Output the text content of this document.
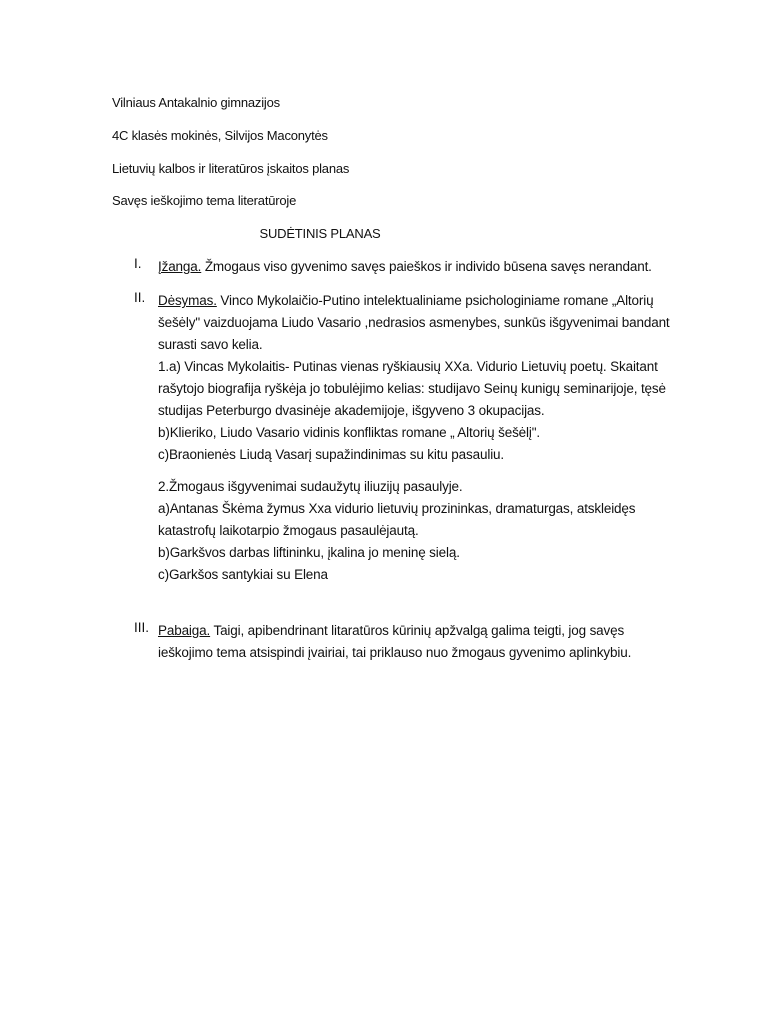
Vilniaus Antakalnio gimnazijos
4C klasės mokinės, Silvijos Maconytės
Lietuvių kalbos ir literatūros įskaitos planas
Savęs ieškojimo tema literatūroje
SUDĖTINIS PLANAS
I. Įžanga. Žmogaus viso gyvenimo savęs paieškos ir individo būsena savęs nerandant.
II. Dėsymas. Vinco Mykolaičio-Putino intelektualiniame psichologiniame romane „Altorių šešėly" vaizduojama Liudo Vasario ,nedrasios asmenybes, sunkūs išgyvenimai bandant surasti savo kelia.
1.a) Vincas Mykolaitis- Putinas vienas ryškiausių XXa. Vidurio Lietuvių poetų. Skaitant rašytojo biografija ryškėja jo tobulėjimo kelias: studijavo Seinų kunigų seminarijoje, tęsė studijas Peterburgo dvasinėje akademijoje, išgyveno 3 okupacijas.
b)Klieriko, Liudo Vasario vidinis konfliktas romane „ Altorių šešėlį".
c)Braonienės Liudą Vasarį supažindinimas su kitu pasauliu.
2.Žmogaus išgyvenimai sudaužytų iliuzijų pasaulyje.
a)Antanas Škėma žymus Xxa vidurio lietuvių prozininkas, dramaturgas, atskleidęs katastrofų laikotarpio žmogaus pasaulėjautą.
b)Garkšvos darbas liftininku, įkalina jo meninę sielą.
c)Garkšos santykiai su Elena
III. Pabaiga. Taigi, apibendrinant litaratūros kūrinių apžvalgą galima teigti, jog savęs ieškojimo tema atsispindi įvairiai, tai priklauso nuo žmogaus gyvenimo aplinkybiu.
